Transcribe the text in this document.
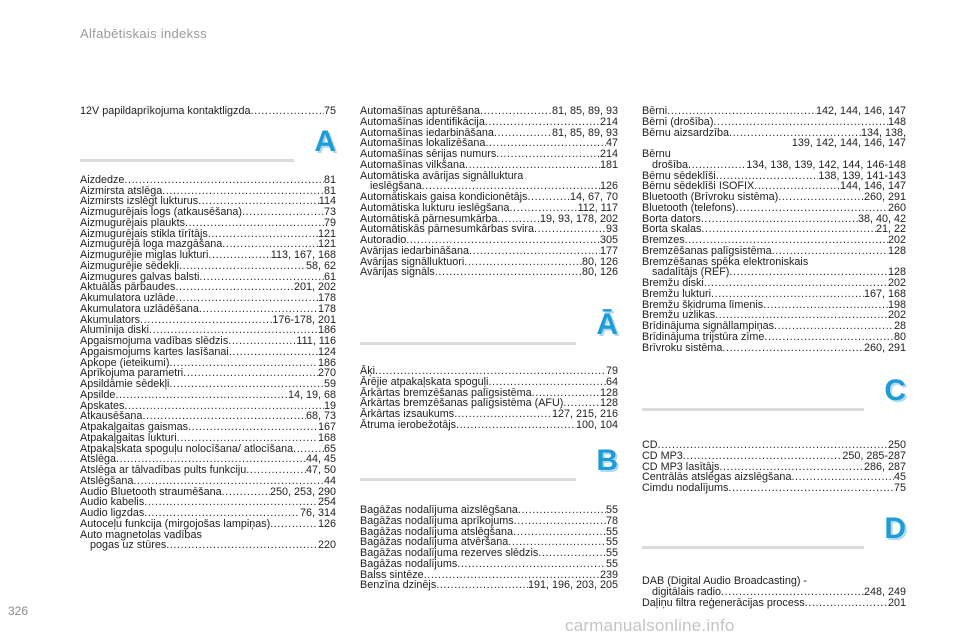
Alfabētiskais indekss
12V papildaprīkojuma kontaktligzda .....	75
A
Aizdedze .....	81
Aizmirsta atslēga .....	81
Aizmirsts izslēgt lukturus .....	114
Aizmugurējais logs (atkausēšana) .....	73
Aizmugurējais plaukts .....	79
Aizmugurējais stikla tīrītājs .....	121
Aizmugurējā loga mazgāšana .....	121
Aizmugurējie miglas lukturi .....	113, 167, 168
Aizmugurējie sēdekļi .....	58, 62
Aizmugures galvas balsti .....	61
Aktuālās pārbaudes .....	201, 202
Akumulatora uzlāde .....	178
Akumulatora uzlādēšana .....	178
Akumulators .....	176-178, 201
Alumīnija diski .....	186
Apgaismojuma vadības slēdzis .....	111, 116
Apgaismojums kartes lasīšanai .....	124
Apkope (ieteikumi) .....	186
Aprīkojuma parametri .....	270
Apsildāmie sēdekļi .....	59
Apsilde .....	14, 19, 68
Apskates .....	19
Atkausēšana .....	68, 73
Atpakaļgaitas gaismas .....	167
Atpakaļgaitas lukturi .....	168
Atpakaļskata spoguļu nolocīšana/ atlocīšana .....	65
Atslēga .....	44, 45
Atslēga ar tālvadības pults funkciju .....	47, 50
Atslēgšana .....	44
Audio Bluetooth straumēšana .....	250, 253, 290
Audio kabelis .....	254
Audio ligzdas .....	76, 314
Autoceļu funkcija (mirgojošas lampiņas) .....	126
Auto magnetolas vadības
pogas uz stūres .....	220
Automašīnas apturēšana .....	81, 85, 89, 93
Automašīnas identifikācija .....	214
Automašīnas iedarbināšana .....	81, 85, 89, 93
Automašīnas lokalizēšana .....	47
Automašīnas sērijas numurs .....	214
Automašīnas vilkšana .....	181
Automātiska avārijas signālluktura
ieslēgšana .....	126
Automātiskais gaisa kondicionētājs .....	14, 67, 70
Automātiska lukturu ieslēgšana .....	112, 117
Automātiskā pārnesumkārba .....	19, 93, 178, 202
Automātiskās pārnesumkārbas svira .....	93
Autoradio .....	305
Avārijas iedarbināšana .....	177
Avārijas signālluktuori .....	80, 126
Avārijas signāls .....	80, 126
Ā
Āķi .....	79
Ārējie atpakaļskata spoguļi .....	64
Ārkārtas bremzēšanas palīgsistēma .....	128
Ārkārtas bremzēšanas palīgsistēma (AFU) .....	128
Ārkārtas izsaukums .....	127, 215, 216
Ātruma ierobežotājs .....	100, 104
B
Bagāžas nodalījuma aizslēgšana .....	55
Bagāžas nodalījuma aprīkojums .....	78
Bagāžas nodalījuma atslēgšana .....	55
Bagāžas nodalījuma atvēršana .....	55
Bagāžas nodalījuma rezerves slēdzis .....	55
Bagāžas nodalījums .....	55
Balss sintēze .....	239
Benzīna dzinējs .....	191, 196, 203, 205
Bērni .....	142, 144, 146, 147
Bērni (drošība) .....	148
Bērnu aizsardzība .....	134, 138,
139, 142, 144, 146, 147
Bērnu
drošība .....	134, 138, 139, 142, 144, 146-148
Bērnu sēdeklīši .....	138, 139, 141-143
Bērnu sēdeklīši ISOFIX .....	144, 146, 147
Bluetooth (Brīvroku sistēma) .....	260, 291
Bluetooth (telefons) .....	260
Borta dators .....	38, 40, 42
Borta skalas .....	21, 22
Bremzes .....	202
Bremzēšanas palīgsistēma .....	128
Bremzēšanas spēka elektroniskais
sadalītājs (REF) .....	128
Bremžu diski .....	202
Bremžu lukturi .....	167, 168
Bremžu šķidruma līmenis .....	198
Bremžu uzlikas .....	202
Brīdinājuma signāllampiņas .....	28
Brīdinājuma trijstūra zīme .....	80
Brīvroku sistēma .....	260, 291
C
CD .....	250
CD MP3 .....	250, 285-287
CD MP3 lasītājs .....	286, 287
Centrālās atslēgas aizslēgšana .....	45
Cimdu nodalījums .....	75
D
DAB (Digital Audio Broadcasting) -
digitālais radio .....	248, 249
Daļiņu filtra reģenerācijas process .....	201
326
carmanualsonline.info
